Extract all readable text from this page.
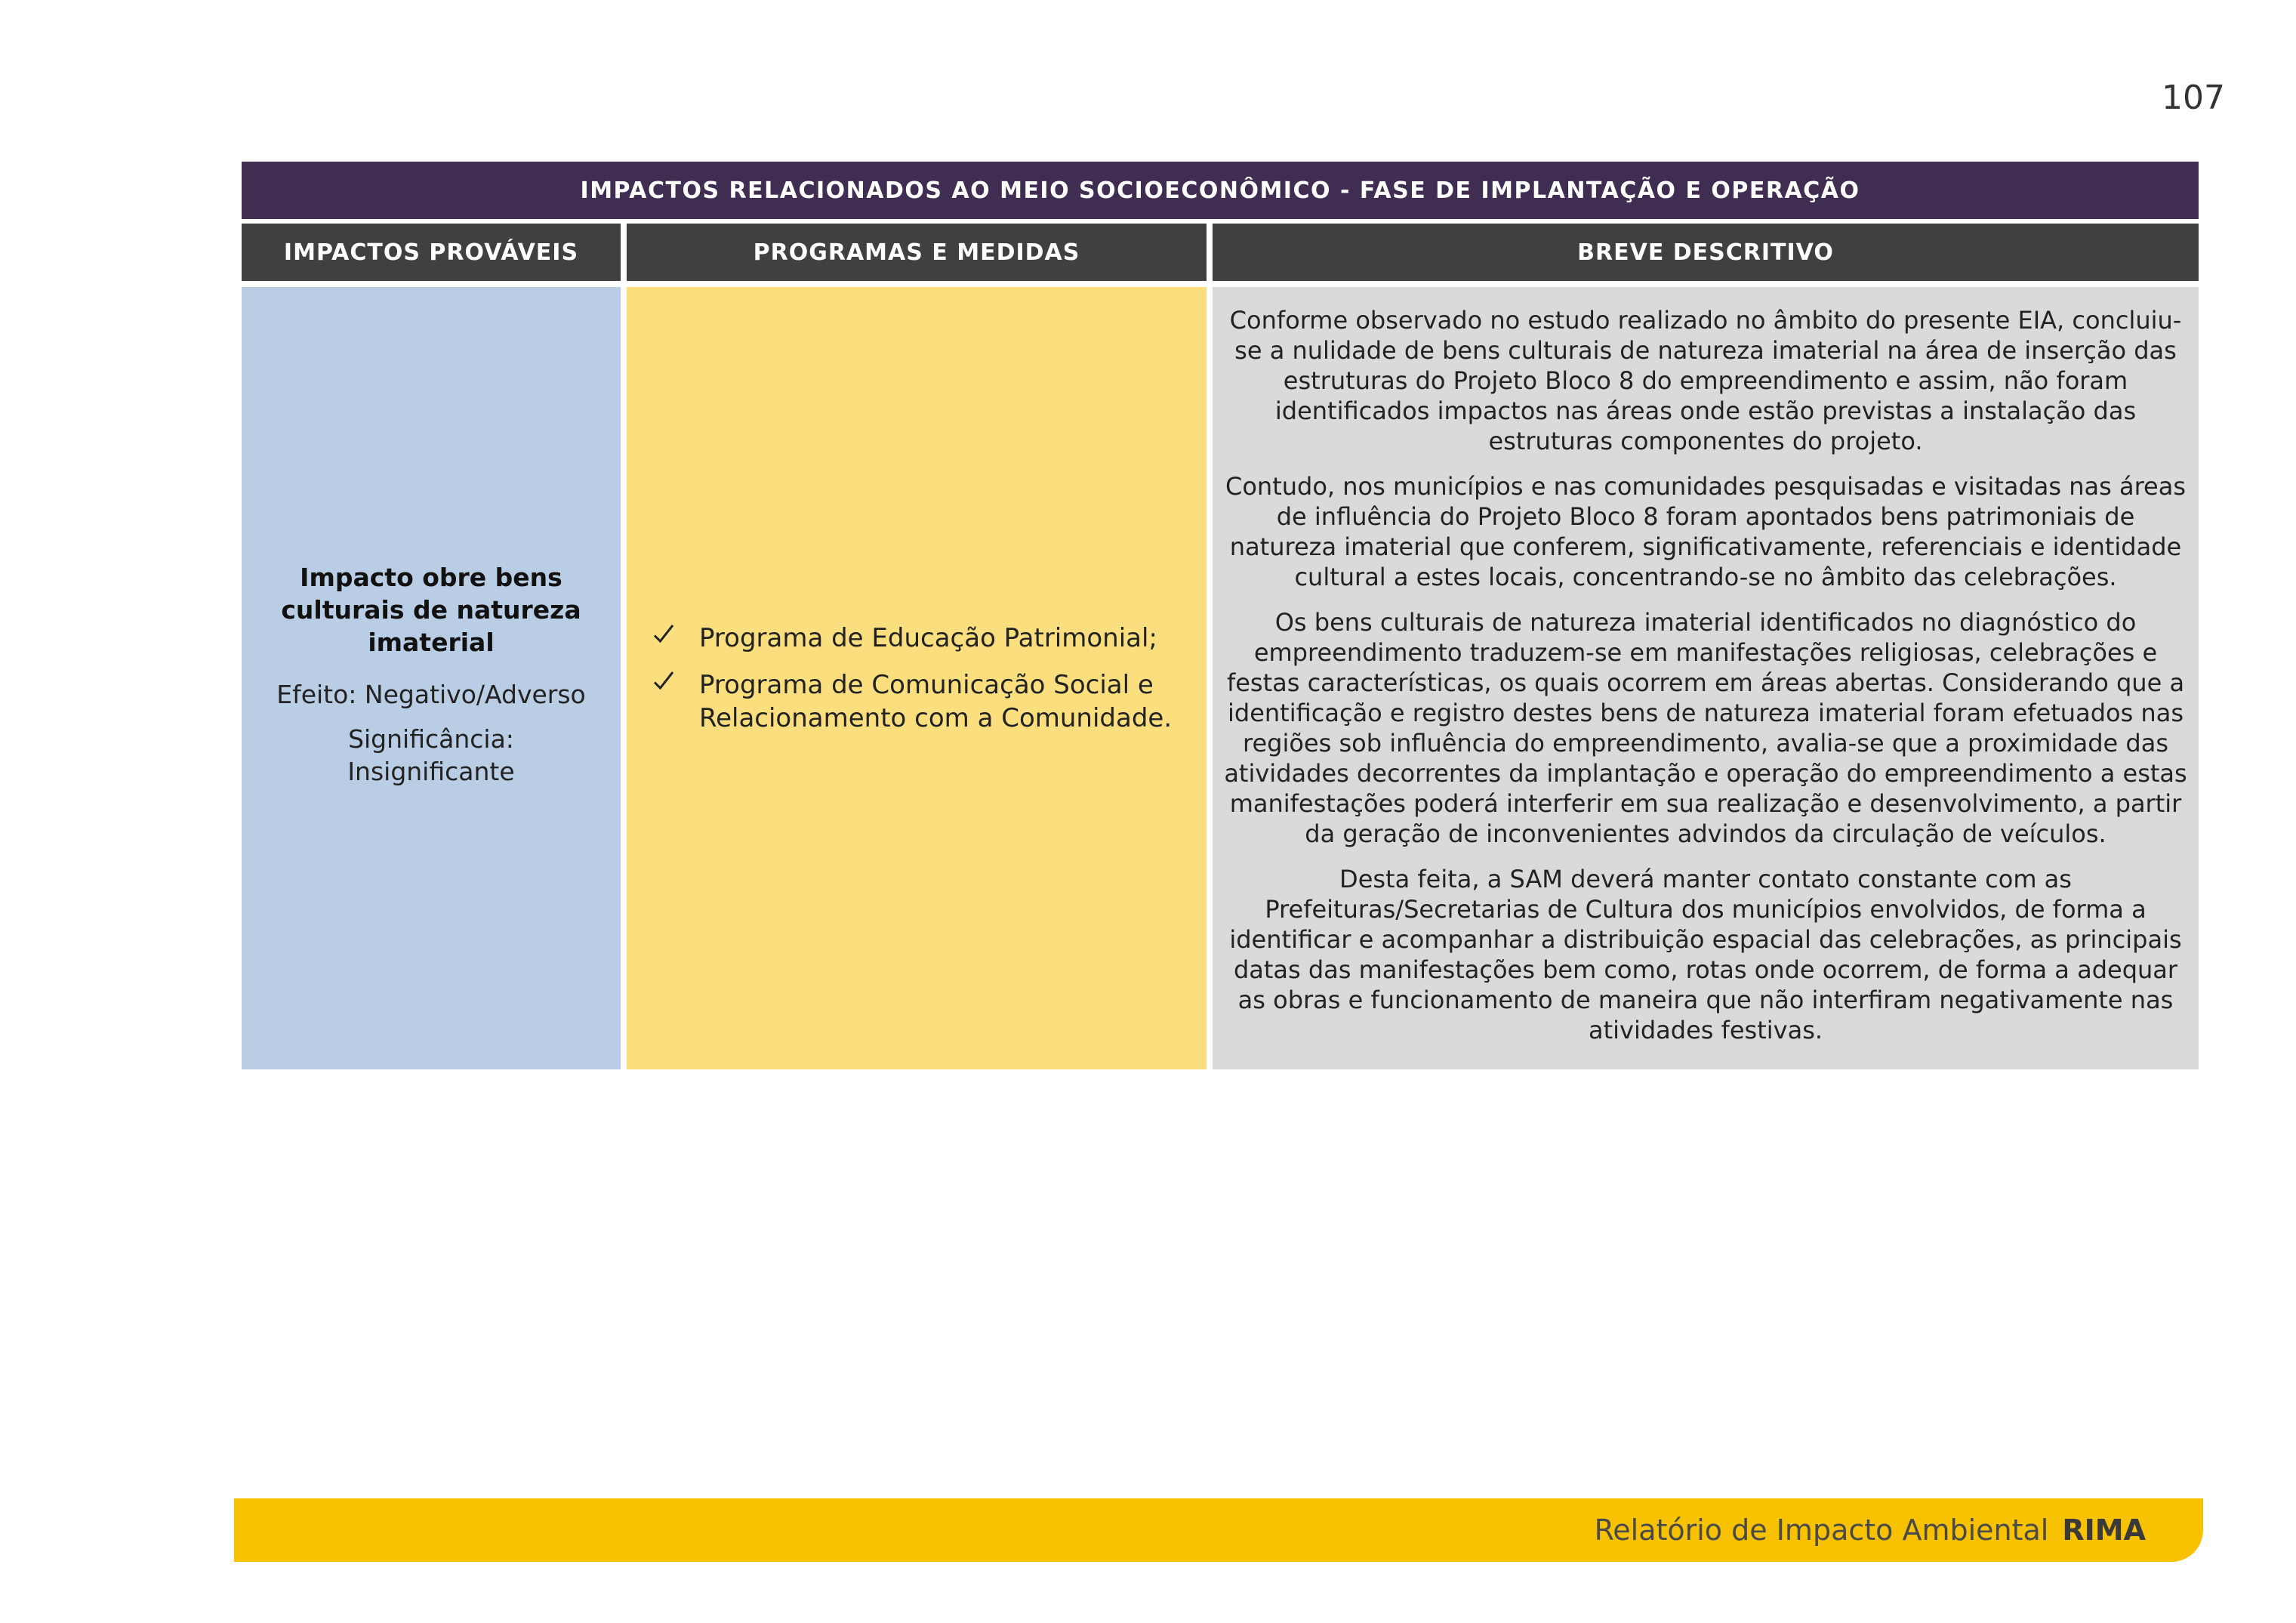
107
IMPACTOS RELACIONADOS AO MEIO SOCIOECONÔMICO - FASE DE IMPLANTAÇÃO E OPERAÇÃO
IMPACTOS PROVÁVEIS	PROGRAMAS E MEDIDAS	BREVE DESCRITIVO
Impacto obre bens culturais de natureza imaterial
Efeito: Negativo/Adverso
Significância: Insignificante
Programa de Educação Patrimonial;
Programa de Comunicação Social e Relacionamento com a Comunidade.

Conforme observado no estudo realizado no âmbito do presente EIA, concluiu-se a nulidade de bens culturais de natureza imaterial na área de inserção das estruturas do Projeto Bloco 8 do empreendimento e assim, não foram identificados impactos nas áreas onde estão previstas a instalação das estruturas componentes do projeto.

Contudo, nos municípios e nas comunidades pesquisadas e visitadas nas áreas de influência do Projeto Bloco 8 foram apontados bens patrimoniais de natureza imaterial que conferem, significativamente, referenciais e identidade cultural a estes locais, concentrando-se no âmbito das celebrações.

Os bens culturais de natureza imaterial identificados no diagnóstico do empreendimento traduzem-se em manifestações religiosas, celebrações e festas características, os quais ocorrem em áreas abertas. Considerando que a identificação e registro destes bens de natureza imaterial foram efetuados nas regiões sob influência do empreendimento, avalia-se que a proximidade das atividades decorrentes da implantação e operação do empreendimento a estas manifestações poderá interferir em sua realização e desenvolvimento, a partir da geração de inconvenientes advindos da circulação de veículos.

Desta feita, a SAM deverá manter contato constante com as Prefeituras/Secretarias de Cultura dos municípios envolvidos, de forma a identificar e acompanhar a distribuição espacial das celebrações, as principais datas das manifestações bem como, rotas onde ocorrem, de forma a adequar as obras e funcionamento de maneira que não interfiram negativamente nas atividades festivas.

Relatório de Impacto Ambiental RIMA
